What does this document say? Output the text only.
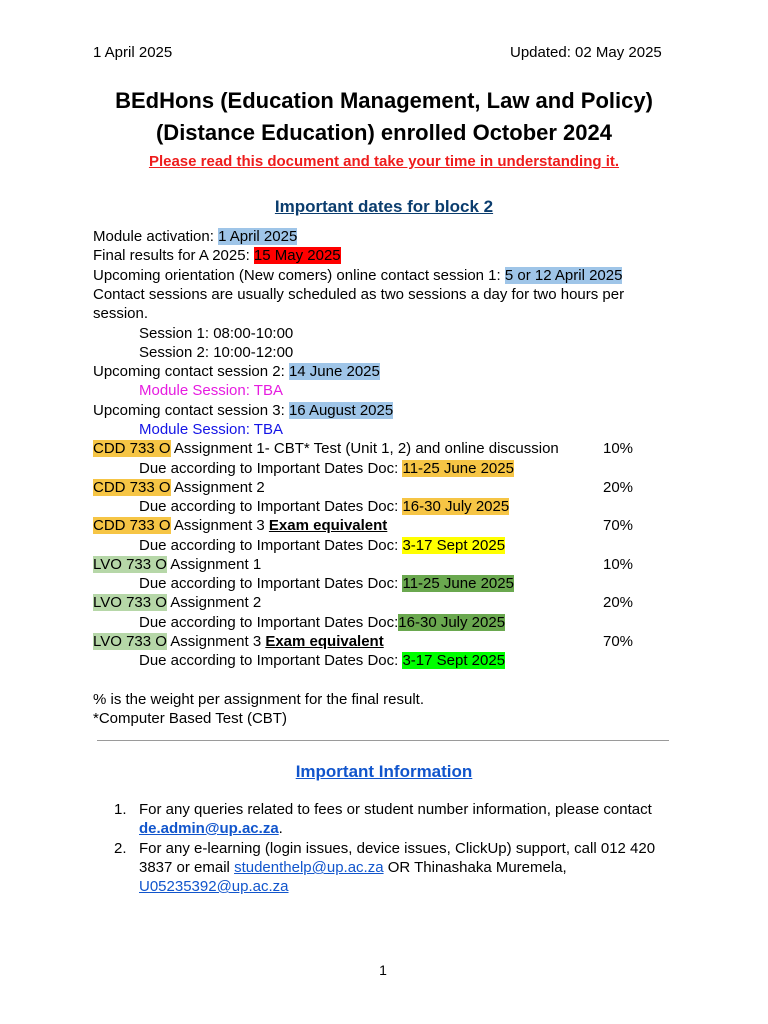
1 April 2025	Updated: 02 May 2025
BEdHons (Education Management, Law and Policy)
(Distance Education) enrolled October 2024
Please read this document and take your time in understanding it.
Important dates for block 2
Module activation: 1 April 2025
Final results for A 2025: 15 May 2025
Upcoming orientation (New comers) online contact session 1: 5 or 12 April 2025
Contact sessions are usually scheduled as two sessions a day for two hours per
session.
Session 1: 08:00-10:00
Session 2: 10:00-12:00
Upcoming contact session 2: 14 June 2025
Module Session: TBA
Upcoming contact session 3: 16 August 2025
Module Session: TBA
CDD 733 O Assignment 1- CBT* Test (Unit 1, 2) and online discussion	10%
Due according to Important Dates Doc: 11-25 June 2025
CDD 733 O Assignment 2	20%
Due according to Important Dates Doc: 16-30 July 2025
CDD 733 O Assignment 3 Exam equivalent	70%
Due according to Important Dates Doc: 3-17 Sept 2025
LVO 733 O Assignment 1	10%
Due according to Important Dates Doc: 11-25 June 2025
LVO 733 O Assignment 2	20%
Due according to Important Dates Doc:16-30 July 2025
LVO 733 O Assignment 3 Exam equivalent	70%
Due according to Important Dates Doc: 3-17 Sept 2025
% is the weight per assignment for the final result.
*Computer Based Test (CBT)
Important Information
1. For any queries related to fees or student number information, please contact
de.admin@up.ac.za.
2. For any e-learning (login issues, device issues, ClickUp) support, call 012 420
3837 or email studenthelp@up.ac.za OR Thinashaka Muremela,
U05235392@up.ac.za
1
